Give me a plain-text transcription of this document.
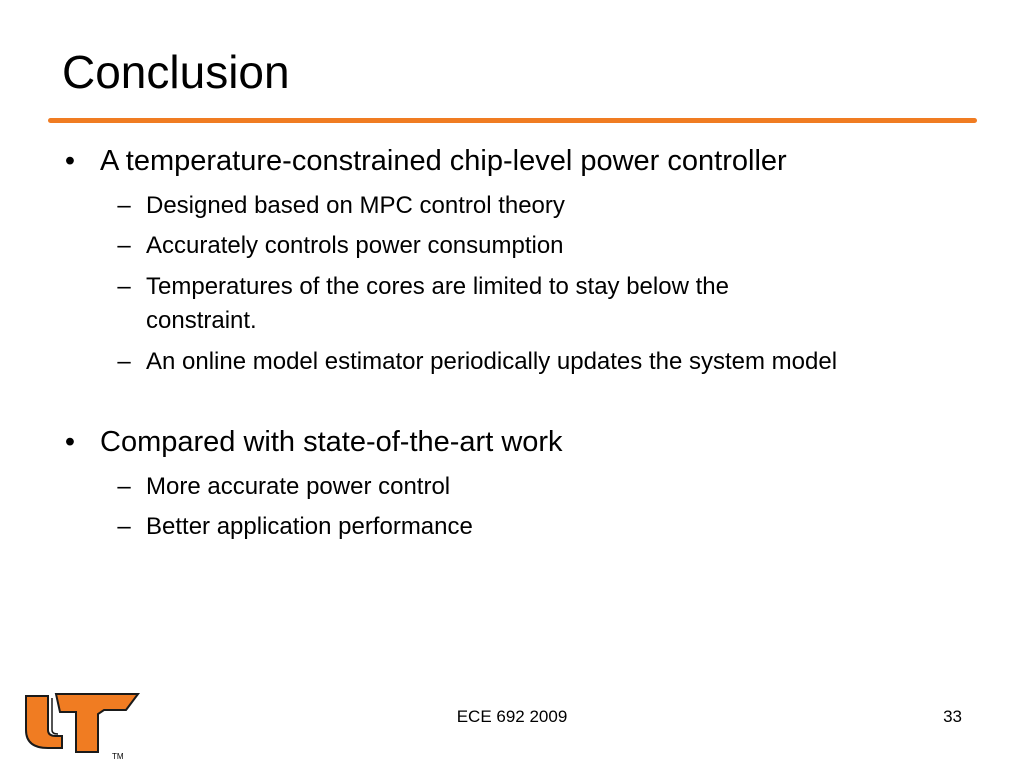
Conclusion
• A temperature-constrained chip-level power controller
– Designed based on MPC control theory
– Accurately controls power consumption
– Temperatures of the cores are limited to stay below the constraint.
– An online model estimator periodically updates the system model
• Compared with state-of-the-art work
– More accurate power control
– Better application performance
TM
ECE 692 2009	33
